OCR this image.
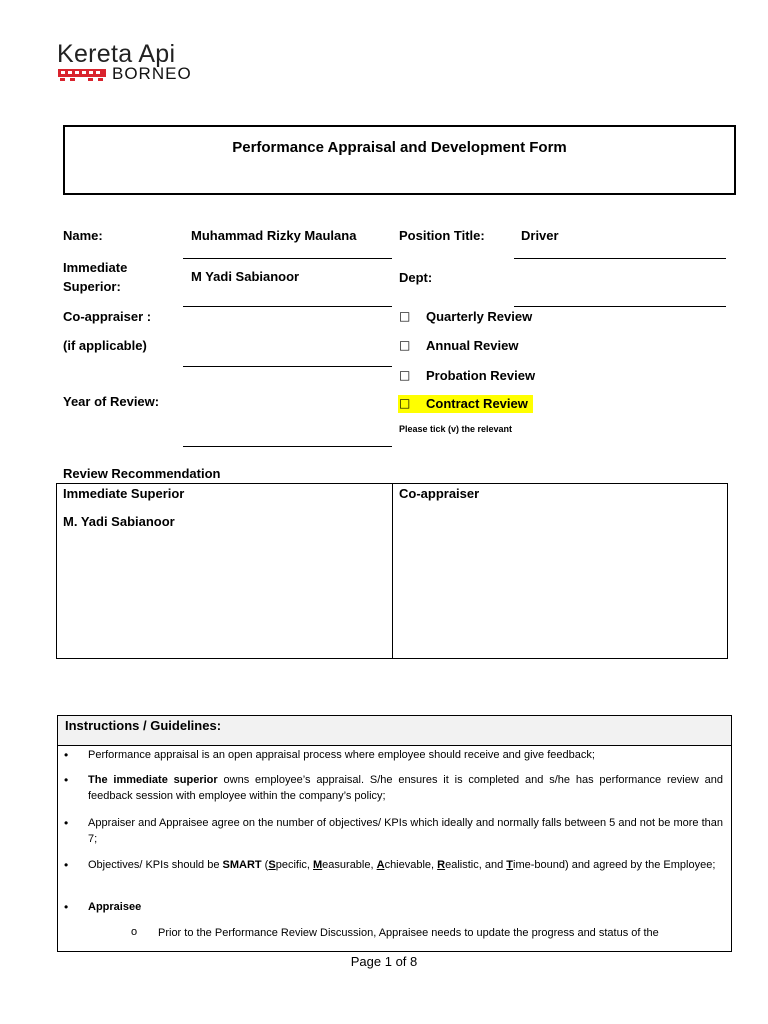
Kereta Api
BORNEO
Performance Appraisal and Development Form
Name:	Muhammad Rizky Maulana
Immediate
Superior:
M Yadi Sabianoor
Co-appraiser :
(if applicable)
Year of Review:
Position Title:	Driver
Dept:
□ Quarterly Review
□ Annual Review
□ Probation Review
□ Contract Review
Please tick (v) the relevant
Review Recommendation
Immediate Superior
M. Yadi Sabianoor
Co-appraiser
Instructions / Guidelines:
• Performance appraisal is an open appraisal process where employee should receive and give feedback;
• The immediate superior owns employee’s appraisal. S/he ensures it is completed and s/he has performance review and feedback session with employee within the company’s policy;
• Appraiser and Appraisee agree on the number of objectives/ KPIs which ideally and normally falls between 5 and not be more than 7;
• Objectives/ KPIs should be SMART (Specific, Measurable, Achievable, Realistic, and Time-bound) and agreed by the Employee;
• Appraisee
o Prior to the Performance Review Discussion, Appraisee needs to update the progress and status of the
Page 1 of 8
